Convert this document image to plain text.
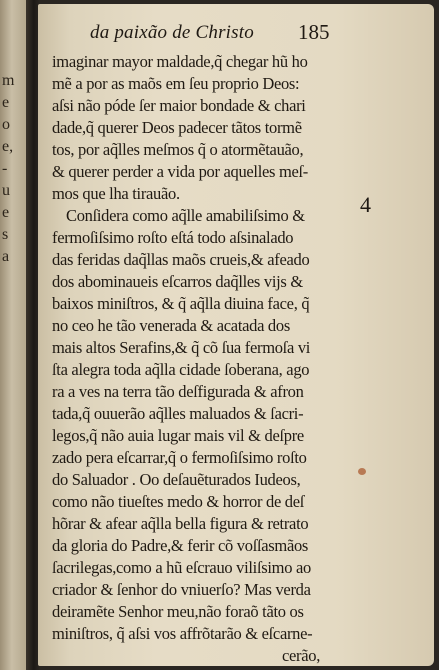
m
e
o
e,
-
u
e
s
a
da paixão de Christo 185
4
imaginar mayor maldade,q̃ chegar hũ ho
mẽ a por as maõs em ſeu proprio Deos:
aſsi não póde ſer maior bondade & chari
dade,q̃ querer Deos padecer tãtos tormẽ
tos, por aq̃lles meſmos q̃ o atormẽtauão,
& querer perder a vida por aquelles meſ-
mos que lha tirauão.
Conſidera como aq̃lle amabiliſsimo &
fermoſiſsimo roſto eſtá todo aſsinalado
das feridas daq̃llas maõs crueis,& afeado
dos abominaueis eſcarros daq̃lles vijs &
baixos miniſtros, & q̃ aq̃lla diuina face, q̃
no ceo he tão venerada & acatada dos
mais altos Serafins,& q̃ cõ ſua fermoſa vi
ſta alegra toda aq̃lla cidade ſoberana, ago
ra a ves na terra tão deſfigurada & afron
tada,q̃ ouuerão aq̃lles maluados & ſacri-
legos,q̃ não auia lugar mais vil & deſpre
zado pera eſcarrar,q̃ o fermoſiſsimo roſto
do Saluador . Oo deſauẽturados Iudeos,
como não tiueſtes medo & horror de deſ
hõrar & afear aq̃lla bella figura & retrato
da gloria do Padre,& ferir cõ voſſasmãos
ſacrilegas,como a hũ eſcrauo viliſsimo ao
criador & ſenhor do vniuerſo? Mas verda
deiramẽte Senhor meu,não foraõ tãto os
miniſtros, q̃ aſsi vos affrõtarão & eſcarne-
cerão,
